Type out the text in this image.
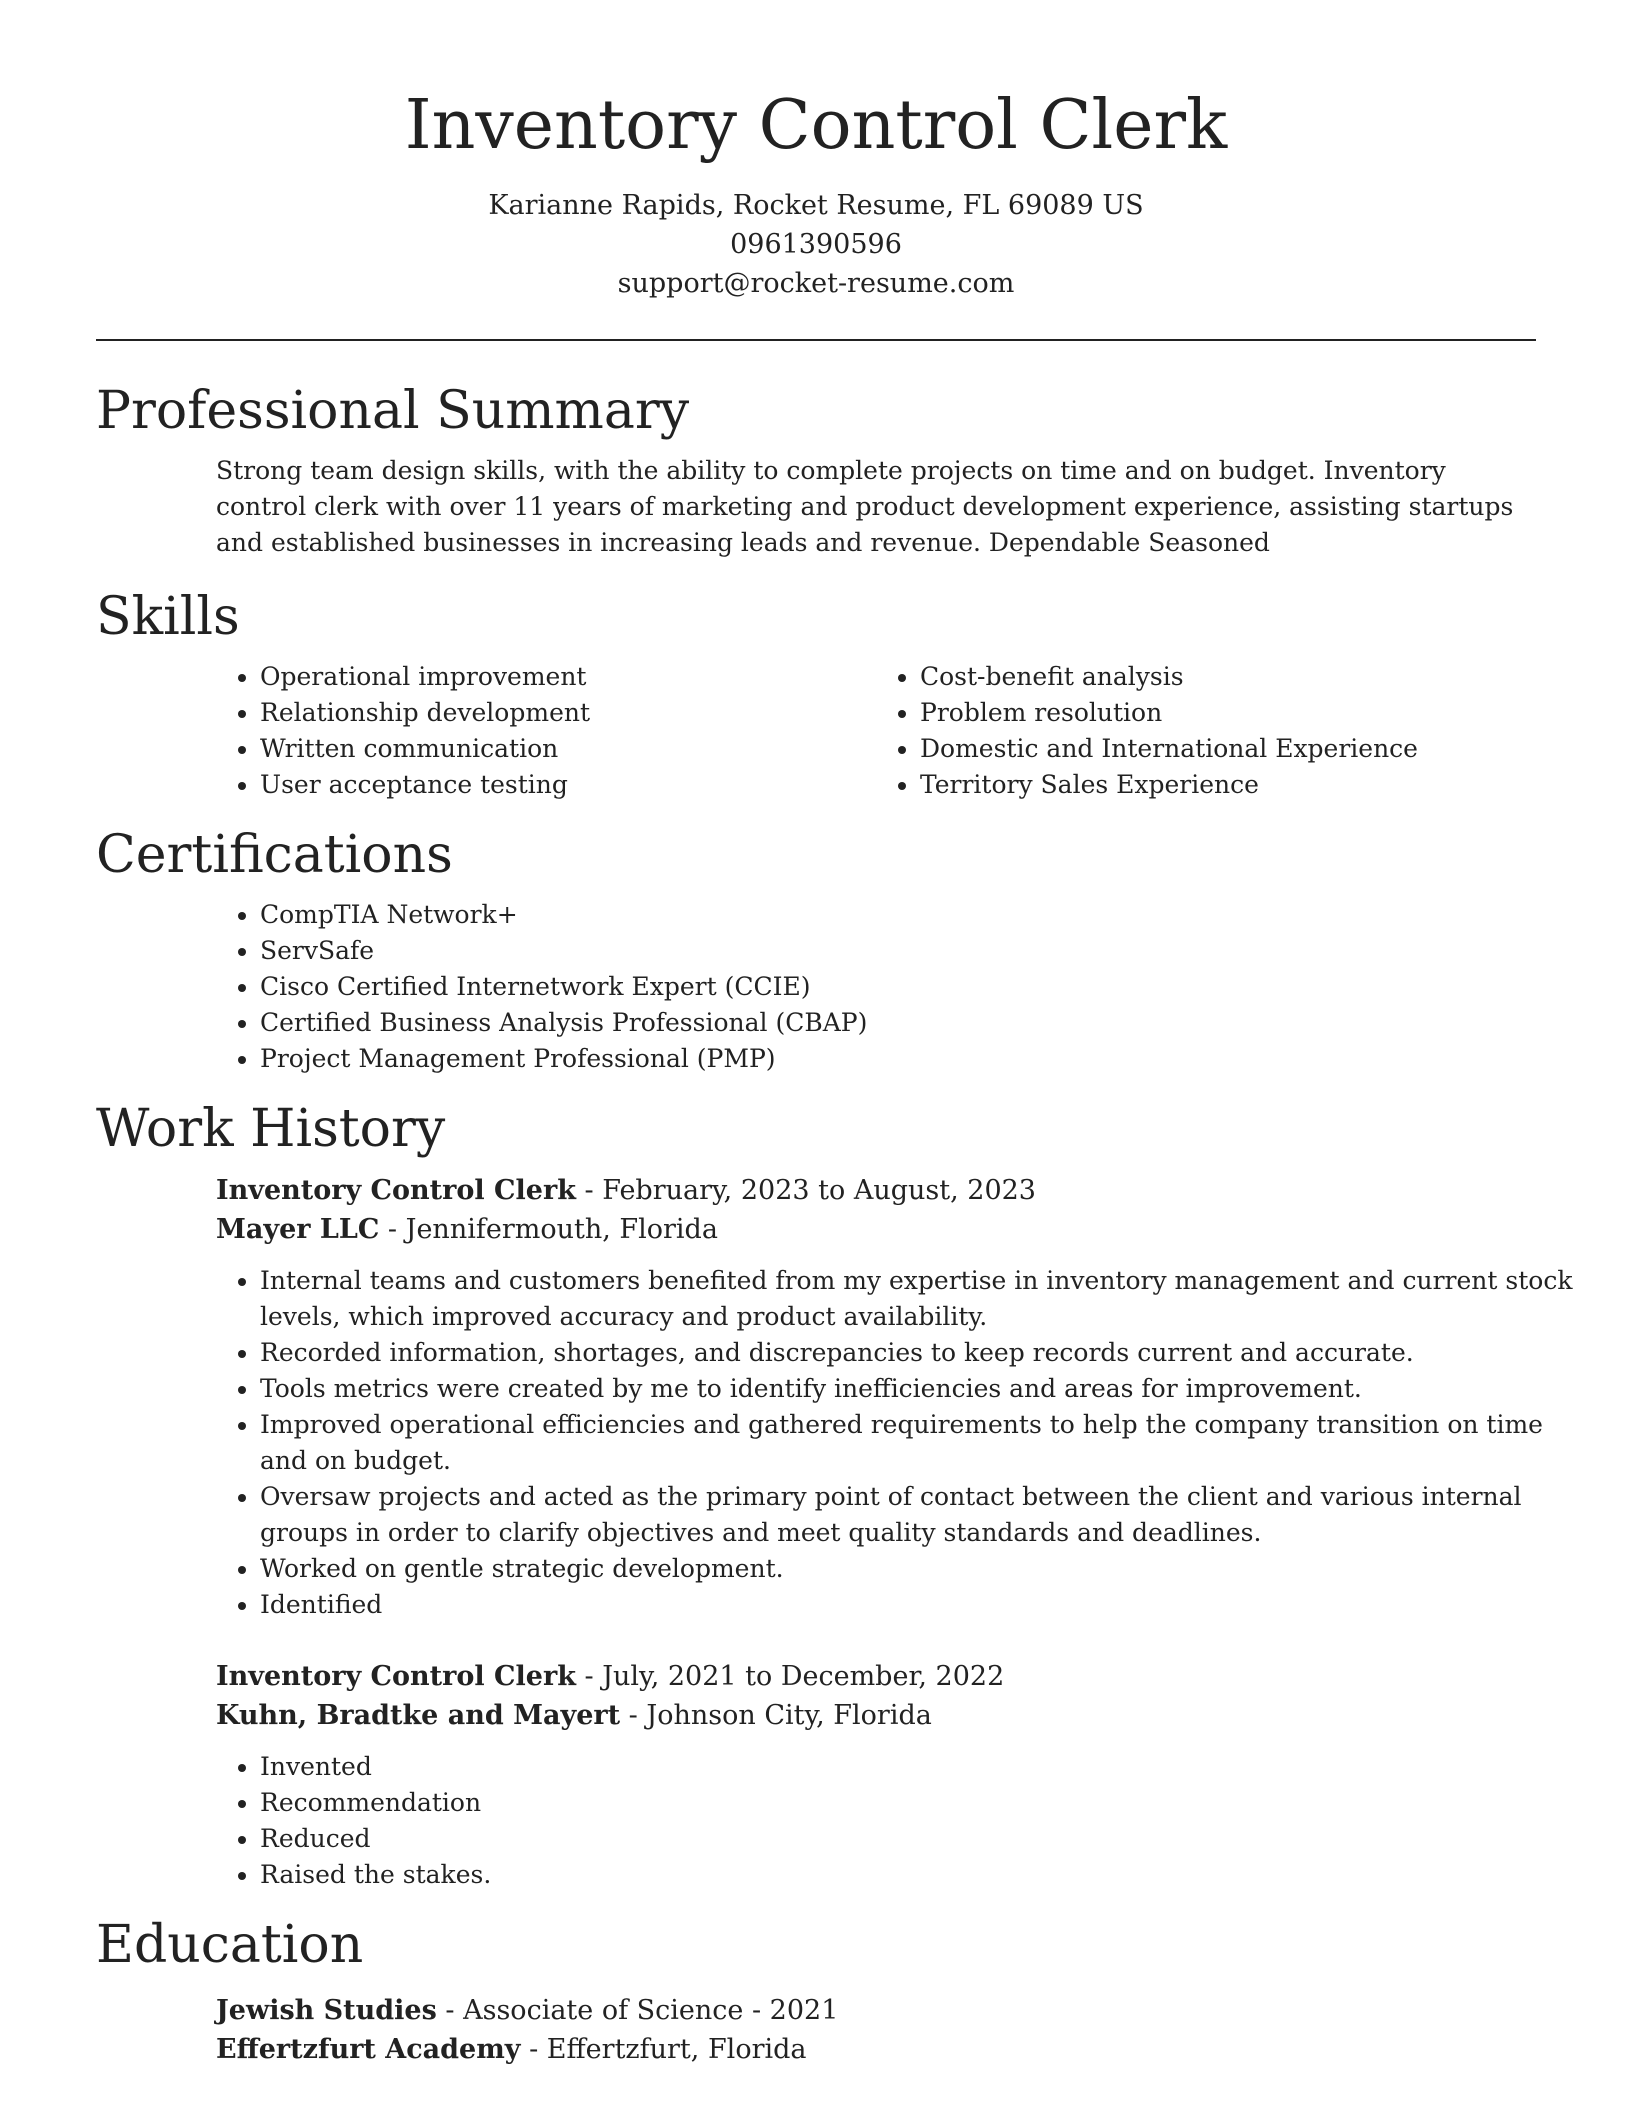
Inventory Control Clerk
Karianne Rapids, Rocket Resume, FL 69089 US
0961390596
support@rocket-resume.com
Professional Summary

Strong team design skills, with the ability to complete projects on time and on budget. Inventory control clerk with over 11 years of marketing and product development experience, assisting startups and established businesses in increasing leads and revenue. Dependable Seasoned

Skills
• Operational improvement
• Relationship development
• Written communication
• User acceptance testing
• Cost-benefit analysis
• Problem resolution
• Domestic and International Experience
• Territory Sales Experience
Certifications
• CompTIA Network+
• ServSafe
• Cisco Certified Internetwork Expert (CCIE)
• Certified Business Analysis Professional (CBAP)
• Project Management Professional (PMP)
Work History
Inventory Control Clerk - February, 2023 to August, 2023
Mayer LLC - Jennifermouth, Florida
• Internal teams and customers benefited from my expertise in inventory management and current stock levels, which improved accuracy and product availability.
• Recorded information, shortages, and discrepancies to keep records current and accurate.
• Tools metrics were created by me to identify inefficiencies and areas for improvement.
• Improved operational efficiencies and gathered requirements to help the company transition on time and on budget.
• Oversaw projects and acted as the primary point of contact between the client and various internal groups in order to clarify objectives and meet quality standards and deadlines.
• Worked on gentle strategic development.
• Identified
Inventory Control Clerk - July, 2021 to December, 2022
Kuhn, Bradtke and Mayert - Johnson City, Florida
• Invented
• Recommendation
• Reduced
• Raised the stakes.
Education
Jewish Studies - Associate of Science - 2021
Effertzfurt Academy - Effertzfurt, Florida
